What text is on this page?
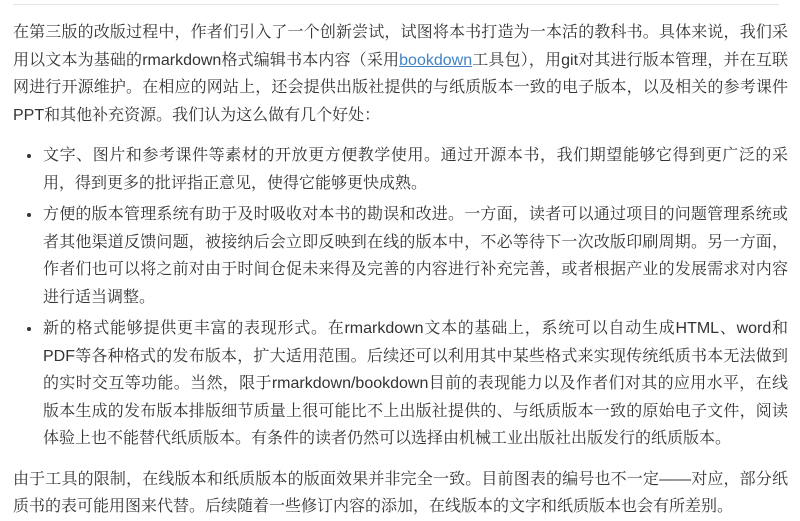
在第三版的改版过程中，作者们引入了一个创新尝试，试图将本书打造为一本活的教科书。具体来说，我们采用以文本为基础的rmarkdown格式编辑书本内容（采用bookdown工具包），用git对其进行版本管理，并在互联网进行开源维护。在相应的网站上，还会提供出版社提供的与纸质版本一致的电子版本，以及相关的参考课件PPT和其他补充资源。我们认为这么做有几个好处：

• 文字、图片和参考课件等素材的开放更方便教学使用。通过开源本书，我们期望能够它得到更广泛的采用，得到更多的批评指正意见，使得它能够更快成熟。
• 方便的版本管理系统有助于及时吸收对本书的勘误和改进。一方面，读者可以通过项目的问题管理系统或者其他渠道反馈问题，被接纳后会立即反映到在线的版本中，不必等待下一次改版印刷周期。另一方面，作者们也可以将之前对由于时间仓促未来得及完善的内容进行补充完善，或者根据产业的发展需求对内容进行适当调整。
• 新的格式能够提供更丰富的表现形式。在rmarkdown文本的基础上，系统可以自动生成HTML、word和PDF等各种格式的发布版本，扩大适用范围。后续还可以利用其中某些格式来实现传统纸质书本无法做到的实时交互等功能。当然，限于rmarkdown/bookdown目前的表现能力以及作者们对其的应用水平，在线版本生成的发布版本排版细节质量上很可能比不上出版社提供的、与纸质版本一致的原始电子文件，阅读体验上也不能替代纸质版本。有条件的读者仍然可以选择由机械工业出版社出版发行的纸质版本。

由于工具的限制，在线版本和纸质版本的版面效果并非完全一致。目前图表的编号也不一定——对应，部分纸质书的表可能用图来代替。后续随着一些修订内容的添加，在线版本的文字和纸质版本也会有所差别。
